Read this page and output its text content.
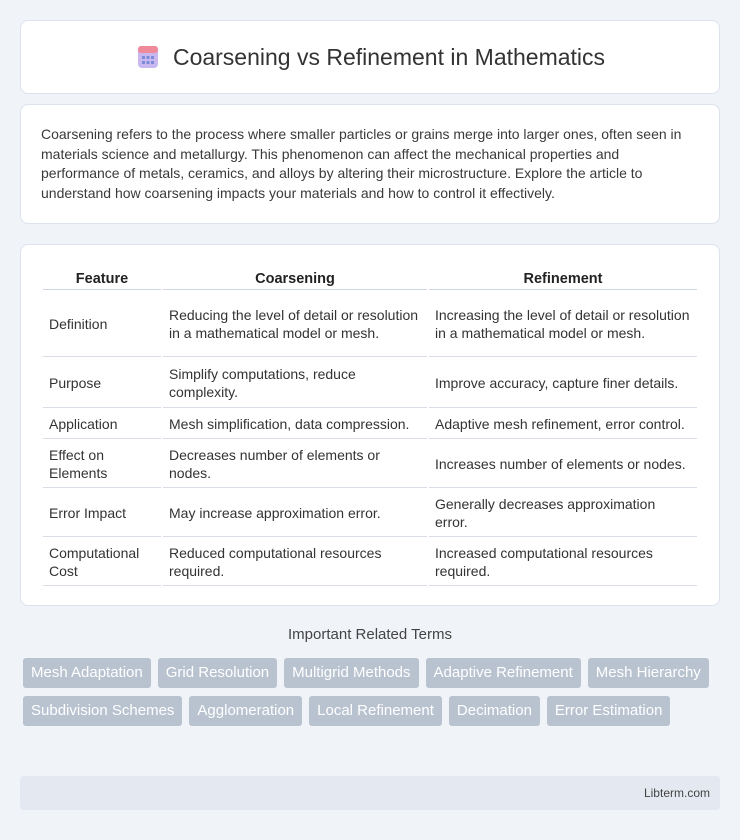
Coarsening vs Refinement in Mathematics

Coarsening refers to the process where smaller particles or grains merge into larger ones, often seen in materials science and metallurgy. This phenomenon can affect the mechanical properties and performance of metals, ceramics, and alloys by altering their microstructure. Explore the article to understand how coarsening impacts your materials and how to control it effectively.

Feature	Coarsening	Refinement
Definition	Reducing the level of detail or resolution in a mathematical model or mesh.	Increasing the level of detail or resolution in a mathematical model or mesh.
Purpose	Simplify computations, reduce complexity.	Improve accuracy, capture finer details.
Application	Mesh simplification, data compression.	Adaptive mesh refinement, error control.
Effect on Elements	Decreases number of elements or nodes.	Increases number of elements or nodes.
Error Impact	May increase approximation error.	Generally decreases approximation error.
Computational Cost	Reduced computational resources required.	Increased computational resources required.
Important Related Terms
Mesh Adaptation	Grid Resolution	Multigrid Methods	Adaptive Refinement	Mesh Hierarchy
Subdivision Schemes	Agglomeration	Local Refinement	Decimation	Error Estimation
Libterm.com
